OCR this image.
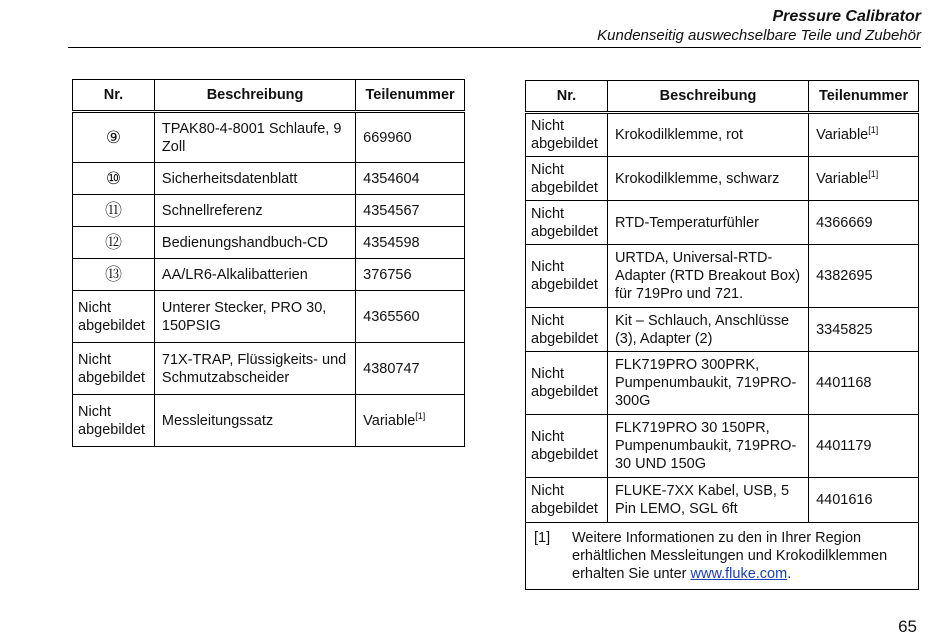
Pressure Calibrator
Kundenseitig auswechselbare Teile und Zubehör
Nr.	Beschreibung	Teilenummer
⑨	TPAK80-4-8001 Schlaufe, 9 Zoll	669960
⑩	Sicherheitsdatenblatt	4354604
⑪	Schnellreferenz	4354567
⑫	Bedienungshandbuch-CD	4354598
⑬	AA/LR6-Alkalibatterien	376756
Nicht abgebildet	Unterer Stecker, PRO 30, 150PSIG	4365560
Nicht abgebildet	71X-TRAP, Flüssigkeits- und Schmutzabscheider	4380747
Nicht abgebildet	Messleitungssatz	Variable[1]
Nr.	Beschreibung	Teilenummer
Nicht abgebildet	Krokodilklemme, rot	Variable[1]
Nicht abgebildet	Krokodilklemme, schwarz	Variable[1]
Nicht abgebildet	RTD-Temperaturfühler	4366669
Nicht abgebildet	URTDA, Universal-RTD-Adapter (RTD Breakout Box) für 719Pro und 721.	4382695
Nicht abgebildet	Kit – Schlauch, Anschlüsse (3), Adapter (2)	3345825
Nicht abgebildet	FLK719PRO 300PRK, Pumpenumbaukit, 719PRO-300G	4401168
Nicht abgebildet	FLK719PRO 30 150PR, Pumpenumbaukit, 719PRO-30 UND 150G	4401179
Nicht abgebildet	FLUKE-7XX Kabel, USB, 5 Pin LEMO, SGL 6ft	4401616

[1] Weitere Informationen zu den in Ihrer Region erhältlichen Messleitungen und Krokodilklemmen erhalten Sie unter www.fluke.com.		
65
